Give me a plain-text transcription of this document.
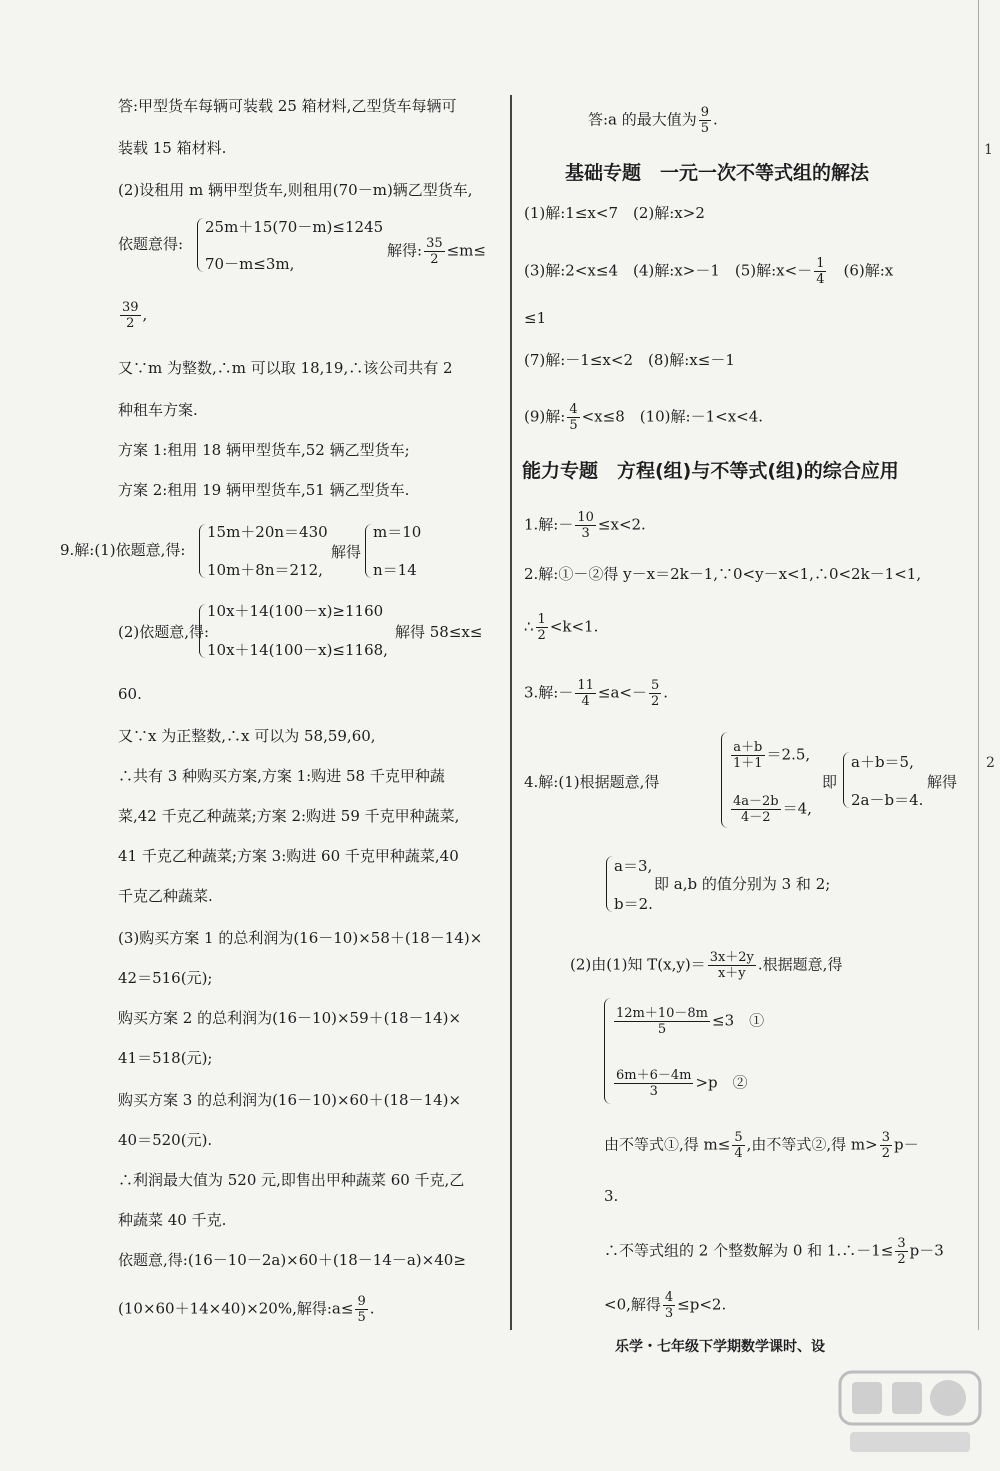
1
2
答:甲型货车每辆可装载 25 箱材料,乙型货车每辆可
装载 15 箱材料.
(2)设租用 m 辆甲型货车,则租用(70－m)辆乙型货车,
依题意得:
25m＋15(70－m)≤1245
70－m≤3m,
解得: $\frac{35}{2} \le m\le$
$\frac{39}{2}$ ,
又∵m 为整数,∴m 可以取 18,19,∴该公司共有 2
种租车方案.
方案 1:租用 18 辆甲型货车,52 辆乙型货车;
方案 2:租用 19 辆甲型货车,51 辆乙型货车.
9.解:(1)依题意,得:
15m＋20n＝430
10m＋8n＝212,
解得
m＝10
n＝14
(2)依题意,得:
10x＋14(100－x)≥1160
10x＋14(100－x)≤1168,
解得 58≤x≤
60.
又∵x 为正整数,∴x 可以为 58,59,60,
∴共有 3 种购买方案,方案 1:购进 58 千克甲种蔬
菜,42 千克乙种蔬菜;方案 2:购进 59 千克甲种蔬菜,
41 千克乙种蔬菜;方案 3:购进 60 千克甲种蔬菜,40
千克乙种蔬菜.
(3)购买方案 1 的总利润为(16－10)×58＋(18－14)×
42＝516(元);
购买方案 2 的总利润为(16－10)×59＋(18－14)×
41＝518(元);
购买方案 3 的总利润为(16－10)×60＋(18－14)×
40＝520(元).
∴利润最大值为 520 元,即售出甲种蔬菜 60 千克,乙
种蔬菜 40 千克.
依题意,得:(16－10－2a)×60＋(18－14－a)×40≥
(10×60＋14×40)×20%,解得:a≤ $\frac{9}{5}$ .
答:a 的最大值为 $\frac{9}{5}$ .
基础专题　一元一次不等式组的解法
(1)解:1≤x<7　(2)解:x>2
(3)解:2<x≤4　(4)解:x>－1　(5)解:x<－ $\frac{1}{4}$ 　(6)解:x
≤1
(7)解:－1≤x<2　(8)解:x≤－1
(9)解: $\frac{4}{5} <x\le 8$　(10)解:－1<x<4.
能力专题　方程(组)与不等式(组)的综合应用
1.解:－ $\frac{10}{3} \le x<2$.
2.解:①－②得 y－x＝2k－1,∵0<y－x<1,∴0<2k－1<1,
∴ $\frac{1}{2} <k<1$.
3.解:－ $\frac{11}{4} \le a<- \frac{5}{2}$ .
4.解:(1)根据题意,得
$\frac{a+b}{1+1} =2.5$,
$\frac{4a-2b}{4-2} =4$,
即
a＋b＝5,
2a－b＝4.
解得
a＝3,
b＝2.
即 a,b 的值分别为 3 和 2;
(2)由(1)知 $T(x,y)= \frac{3x+2y}{x+y}$ .根据题意,得
$\frac{12m+10-8m}{5} \le 3$　①
$\frac{6m+6-4m}{3} >p$　②
由不等式①,得 $m\le \frac{5}{4}$ ,由不等式②,得 $m> \frac{3}{2} p-$
3.
∴不等式组的 2 个整数解为 0 和 1.∴－1≤ $\frac{3}{2} p-3$
<0,解得 $\frac{4}{3} \le p<2$.
乐学・七年级下学期数学课时、设
